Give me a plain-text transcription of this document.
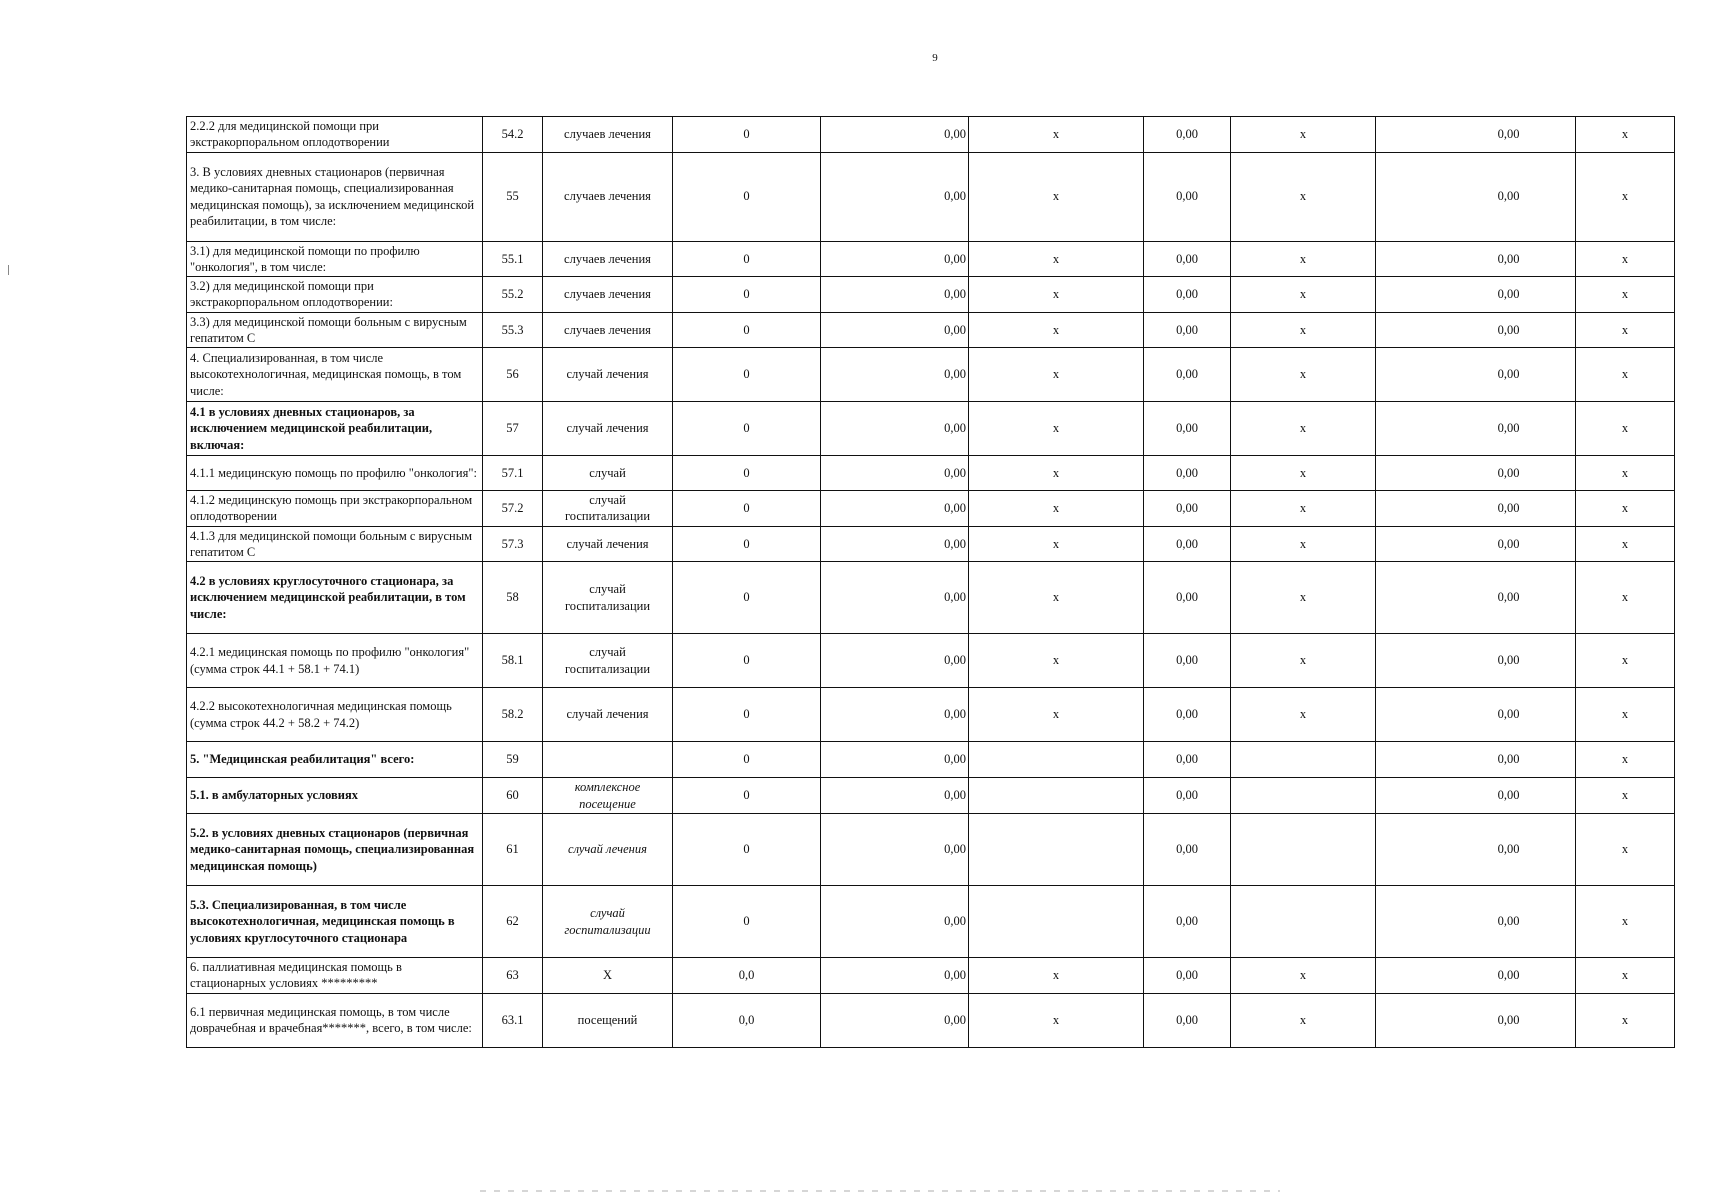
9
2.2.2 для медицинской помощи при экстракорпоральном оплодотворении	54.2	случаев лечения	0	0,00	х	0,00	х	0,00	х
3. В условиях дневных стационаров (первичная медико-санитарная помощь, специализированная медицинская помощь), за исключением медицинской реабилитации, в том числе:	55	случаев лечения	0	0,00	х	0,00	х	0,00	х
3.1) для медицинской помощи по профилю "онкология", в том числе:	55.1	случаев лечения	0	0,00	х	0,00	х	0,00	х
3.2) для медицинской помощи при экстракорпоральном оплодотворении:	55.2	случаев лечения	0	0,00	х	0,00	х	0,00	х
3.3) для медицинской помощи больным с вирусным гепатитом С	55.3	случаев лечения	0	0,00	х	0,00	х	0,00	х
4. Специализированная, в том числе высокотехнологичная, медицинская помощь, в том числе:	56	случай лечения	0	0,00	х	0,00	х	0,00	х
4.1 в условиях дневных стационаров, за исключением медицинской реабилитации, включая:	57	случай лечения	0	0,00	х	0,00	х	0,00	х
4.1.1 медицинскую помощь по профилю "онкология":	57.1	случай	0	0,00	х	0,00	х	0,00	х
4.1.2 медицинскую помощь при экстракорпоральном оплодотворении	57.2	случай госпитализации	0	0,00	х	0,00	х	0,00	х
4.1.3 для медицинской помощи больным с вирусным гепатитом С	57.3	случай лечения	0	0,00	х	0,00	х	0,00	х
4.2 в условиях круглосуточного стационара, за исключением медицинской реабилитации, в том числе:	58	случай госпитализации	0	0,00	х	0,00	х	0,00	х
4.2.1 медицинская помощь по профилю "онкология" (сумма строк 44.1 + 58.1 + 74.1)	58.1	случай госпитализации	0	0,00	х	0,00	х	0,00	х
4.2.2 высокотехнологичная медицинская помощь (сумма строк 44.2 + 58.2 + 74.2)	58.2	случай лечения	0	0,00	х	0,00	х	0,00	х
5. "Медицинская реабилитация" всего:	59		0	0,00		0,00		0,00	х
5.1. в амбулаторных условиях	60	комплексное посещение	0	0,00		0,00		0,00	х
5.2. в условиях дневных стационаров (первичная медико-санитарная помощь, специализированная медицинская помощь)	61	случай лечения	0	0,00		0,00		0,00	х
5.3. Специализированная, в том числе высокотехнологичная, медицинская помощь в условиях круглосуточного стационара	62	случай госпитализации	0	0,00		0,00		0,00	х
6. паллиативная медицинская помощь в стационарных условиях *********	63	Х	0,0	0,00	х	0,00	х	0,00	х
6.1 первичная медицинская помощь, в том числе доврачебная и врачебная*******, всего, в том числе:	63.1	посещений	0,0	0,00	х	0,00	х	0,00	х
